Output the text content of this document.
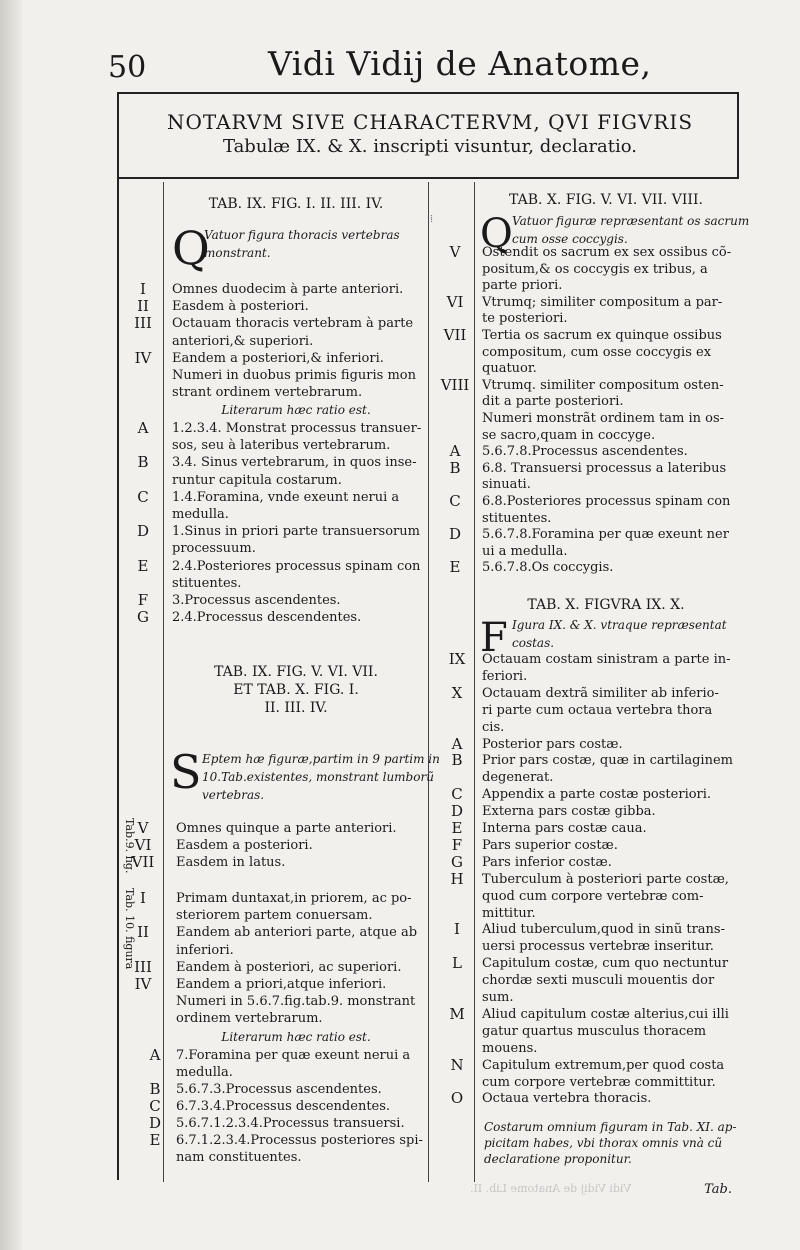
50	Vidi Vidij de Anatome,
NOTARVM SIVE CHARACTERVM, QVI FIGVRIS
Tabulæ IX. & X. inscripti visuntur, declaratio.
⁞
TAB. IX. FIG. I. II. III. IV.
Q
Vatuor figura thoracis vertebras
monstrant.
I	Omnes duodecim à parte anteriori.
II	Easdem à posteriori.
III	Octauam thoracis vertebram à parte
anteriori,& superiori.
IV	Eandem a posteriori,& inferiori.
Numeri in duobus primis figuris mon
strant ordinem vertebrarum.
Literarum hæc ratio est.
A	1.2.3.4. Monstrat processus transuer-
sos, seu à lateribus vertebrarum.
B	3.4. Sinus vertebrarum, in quos inse-
runtur capitula costarum.
C	1.4.Foramina, vnde exeunt nerui a
medulla.
D	1.Sinus in priori parte transuersorum
processuum.
E	2.4.Posteriores processus spinam con
stituentes.
F	3.Processus ascendentes.
G	2.4.Processus descendentes.
TAB. IX. FIG. V. VI. VII.
ET TAB. X. FIG. I.
II. III. IV.
S Eptem hæ figuræ,partim in 9 partim in
10.Tab.existentes, monstrant lumborũ
vertebras.
Tab.9. fig. V	Omnes quinque a parte anteriori.
VI	Easdem a posteriori.
VII	Easdem in latus.
Tab. 10. figura I	Primam duntaxat,in priorem, ac po-
steriorem partem conuersam.
II	Eandem ab anteriori parte, atque ab
inferiori.
III	Eandem à posteriori, ac superiori.
IV	Eandem a priori,atque inferiori.
Numeri in 5.6.7.fig.tab.9. monstrant
ordinem vertebrarum.
Literarum hæc ratio est.
A	7.Foramina per quæ exeunt nerui a
medulla.
B	5.6.7.3.Processus ascendentes.
C	6.7.3.4.Processus descendentes.
D	5.6.7.1.2.3.4.Processus transuersi.
E	6.7.1.2.3.4.Processus posteriores spi-
nam constituentes.
TAB. X. FIG. V. VI. VII. VIII.
Q Vatuor figuræ repræsentant os sacrum
cum osse coccygis.
V	Ostendit os sacrum ex sex ossibus cõ-
positum,& os coccygis ex tribus, a
parte priori.
VI	Vtrumq; similiter compositum a par-
te posteriori.
VII	Tertia os sacrum ex quinque ossibus
compositum, cum osse coccygis ex
quatuor.
VIII Vtrumq. similiter compositum osten-
dit a parte posteriori.
Numeri monstrãt ordinem tam in os-
se sacro,quam in coccyge.
A	5.6.7.8.Processus ascendentes.
B	6.8. Transuersi processus a lateribus
sinuati.
C	6.8.Posteriores processus spinam con
stituentes.
D	5.6.7.8.Foramina per quæ exeunt ner
ui a medulla.
E	5.6.7.8.Os coccygis.
TAB. X. FIGVRA IX. X.
F Igura IX. & X. vtraque repræsentat
costas.
IX	Octauam costam sinistram a parte in-
feriori.
X	Octauam dextrã similiter ab inferio-
ri parte cum octaua vertebra thora
cis.
A	Posterior pars costæ.
B	Prior pars costæ, quæ in cartilaginem
degenerat.
C	Appendix a parte costæ posteriori.
D	Externa pars costæ gibba.
E	Interna pars costæ caua.
F	Pars superior costæ.
G	Pars inferior costæ.
H	Tuberculum à posteriori parte costæ,
quod cum corpore vertebræ com-
mittitur.
I	Aliud tuberculum,quod in sinũ trans-
uersi processus vertebræ inseritur.
L	Capitulum costæ, cum quo nectuntur
chordæ sexti musculi mouentis dor
sum.
M	Aliud capitulum costæ alterius,cui illi
gatur quartus musculus thoracem
mouens.
N	Capitulum extremum,per quod costa
cum corpore vertebræ committitur.
O	Octaua vertebra thoracis.
Costarum omnium figuram in Tab. XI. ap-
picitam habes, vbi thorax omnis vnà cũ
declaratione proponitur.
Tab.
Vidi Vidij de Anatome Lib. II.
